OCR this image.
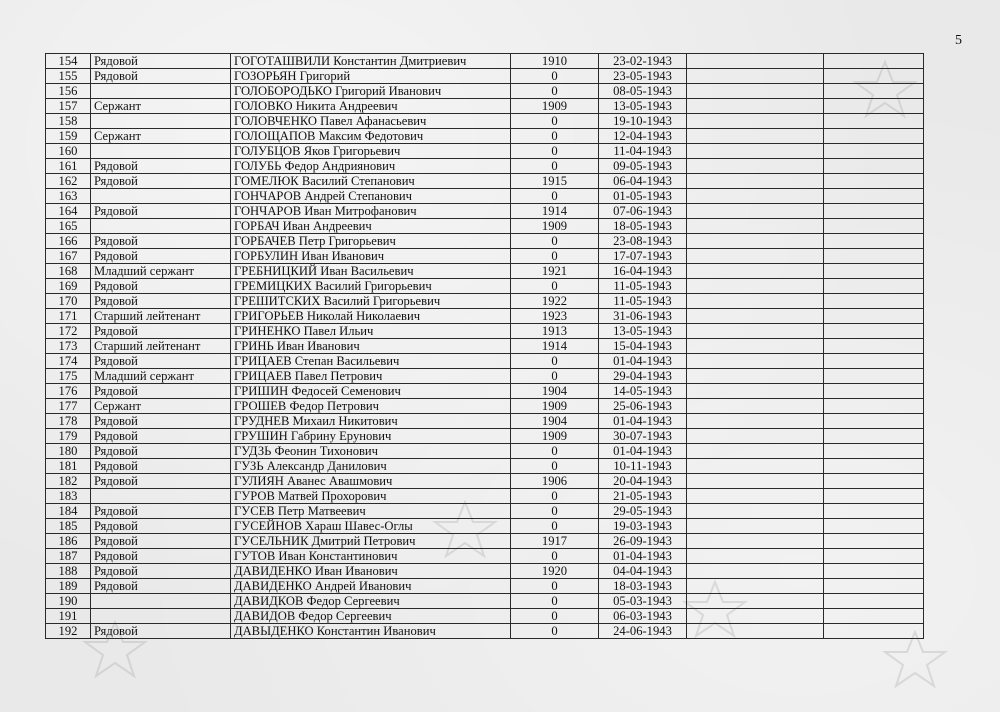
5
154	Рядовой	ГОГОТАШВИЛИ Константин Дмитриевич	1910	23-02-1943		
155	Рядовой	ГОЗОРЬЯН Григорий	0	23-05-1943		
156		ГОЛОБОРОДЬКО Григорий Иванович	0	08-05-1943		
157	Сержант	ГОЛОВКО Никита Андреевич	1909	13-05-1943		
158		ГОЛОВЧЕНКО Павел Афанасьевич	0	19-10-1943		
159	Сержант	ГОЛОЩАПОВ Максим Федотович	0	12-04-1943		
160		ГОЛУБЦОВ Яков Григорьевич	0	11-04-1943		
161	Рядовой	ГОЛУБЬ Федор Андриянович	0	09-05-1943		
162	Рядовой	ГОМЕЛЮК Василий Степанович	1915	06-04-1943		
163		ГОНЧАРОВ Андрей Степанович	0	01-05-1943		
164	Рядовой	ГОНЧАРОВ Иван Митрофанович	1914	07-06-1943		
165		ГОРБАЧ Иван Андреевич	1909	18-05-1943		
166	Рядовой	ГОРБАЧЕВ Петр Григорьевич	0	23-08-1943		
167	Рядовой	ГОРБУЛИН Иван Иванович	0	17-07-1943		
168	Младший сержант	ГРЕБНИЦКИЙ Иван Васильевич	1921	16-04-1943		
169	Рядовой	ГРЕМИЦКИХ Василий Григорьевич	0	11-05-1943		
170	Рядовой	ГРЕШИТСКИХ Василий Григорьевич	1922	11-05-1943		
171	Старший лейтенант	ГРИГОРЬЕВ Николай Николаевич	1923	31-06-1943		
172	Рядовой	ГРИНЕНКО Павел Ильич	1913	13-05-1943		
173	Старший лейтенант	ГРИНЬ Иван Иванович	1914	15-04-1943		
174	Рядовой	ГРИЦАЕВ Степан Васильевич	0	01-04-1943		
175	Младший сержант	ГРИЦАЕВ Павел Петрович	0	29-04-1943		
176	Рядовой	ГРИШИН Федосей Семенович	1904	14-05-1943		
177	Сержант	ГРОШЕВ Федор Петрович	1909	25-06-1943		
178	Рядовой	ГРУДНЕВ Михаил Никитович	1904	01-04-1943		
179	Рядовой	ГРУШИН Габрину Ерунович	1909	30-07-1943		
180	Рядовой	ГУДЗЬ Феонин Тихонович	0	01-04-1943		
181	Рядовой	ГУЗЬ Александр Данилович	0	10-11-1943		
182	Рядовой	ГУЛИЯН Аванес Авашмович	1906	20-04-1943		
183		ГУРОВ Матвей Прохорович	0	21-05-1943		
184	Рядовой	ГУСЕВ Петр Матвеевич	0	29-05-1943		
185	Рядовой	ГУСЕЙНОВ Хараш Шавес-Оглы	0	19-03-1943		
186	Рядовой	ГУСЕЛЬНИК Дмитрий Петрович	1917	26-09-1943		
187	Рядовой	ГУТОВ Иван Константинович	0	01-04-1943		
188	Рядовой	ДАВИДЕНКО Иван Иванович	1920	04-04-1943		
189	Рядовой	ДАВИДЕНКО Андрей Иванович	0	18-03-1943		
190		ДАВИДКОВ Федор Сергеевич	0	05-03-1943		
191		ДАВИДОВ Федор Сергеевич	0	06-03-1943		
192	Рядовой	ДАВЫДЕНКО Константин Иванович	0	24-06-1943		
